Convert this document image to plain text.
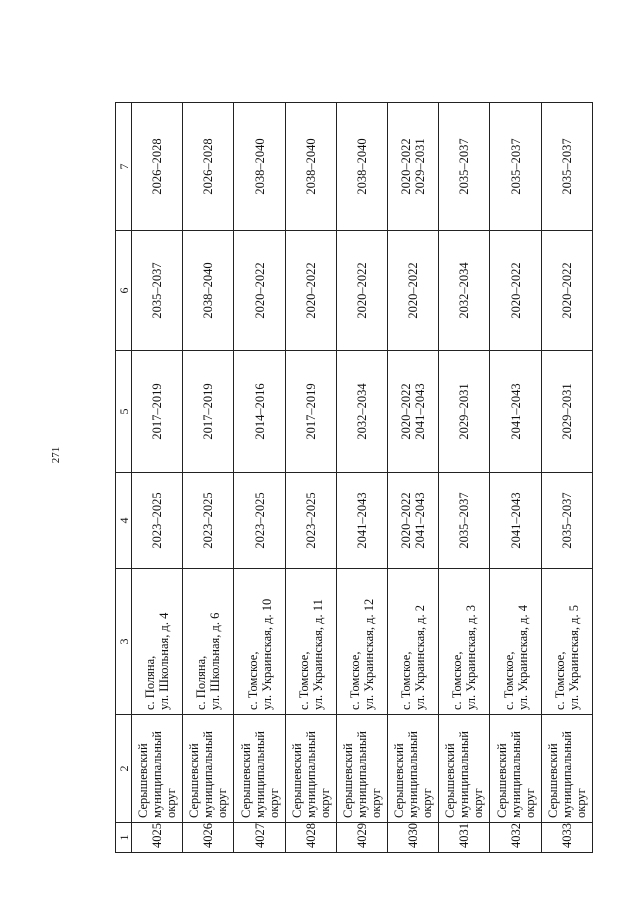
271
1	2	3	4	5	6	7
4025	Серышевский муниципальный округ	с. Поляна, ул. Школьная, д. 4	2023–2025	2017–2019	2035–2037	2026–2028

4026	Серышевский муниципальный округ	с. Поляна, ул. Школьная, д. 6	2023–2025	2017–2019	2038–2040	2026–2028

4027	Серышевский муниципальный округ	с. Томское, ул. Украинская, д. 10	2023–2025	2014–2016	2020–2022	2038–2040

4028	Серышевский муниципальный округ	с. Томское, ул. Украинская, д. 11	2023–2025	2017–2019	2020–2022	2038–2040

4029	Серышевский муниципальный округ	с. Томское, ул. Украинская, д. 12	2041–2043	2032–2034	2020–2022	2038–2040

4030	Серышевский муниципальный округ	с. Томское, ул. Украинская, д. 2	2020–2022 2041–2043	2020–2022 2041–2043	2020–2022	2020–2022 2029–2031

4031	Серышевский муниципальный округ	с. Томское, ул. Украинская, д. 3	2035–2037	2029–2031	2032–2034	2035–2037

4032	Серышевский муниципальный округ	с. Томское, ул. Украинская, д. 4	2041–2043	2041–2043	2020–2022	2035–2037

4033	Серышевский муниципальный округ	с. Томское, ул. Украинская, д. 5	2035–2037	2029–2031	2020–2022	2035–2037
